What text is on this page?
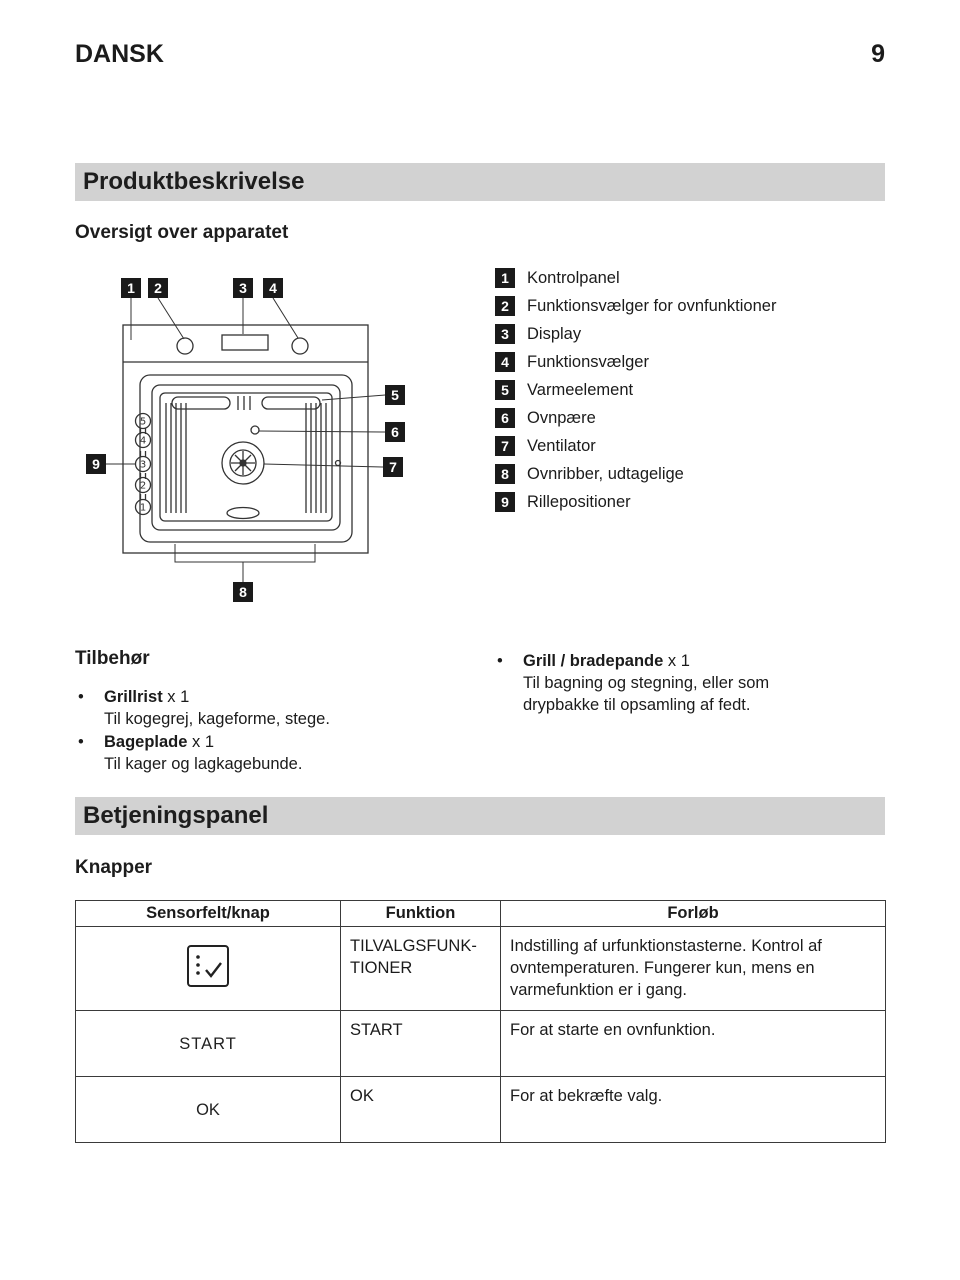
DANSK	9
Produktbeskrivelse
Oversigt over apparatet
5
4
3
2
1
1	2	3	4
5
6
7
9
8
1	Kontrolpanel
2	Funktionsvælger for ovnfunktioner
3	Display
4	Funktionsvælger
5	Varmeelement
6	Ovnpære
7	Ventilator
8	Ovnribber, udtagelige
9	Rillepositioner
Tilbehør
•	Grillrist x 1
Til kogegrej, kageforme, stege.
•	Bageplade x 1
Til kager og lagkagebunde.
•	Grill / bradepande x 1
Til bagning og stegning, eller som drypbakke til opsamling af fedt.
Betjeningspanel
Knapper
Sensorfelt/knap	Funktion	Forløb
	TILVALGSFUNK-TIONER	Indstilling af urfunktionstasterne. Kontrol af ovntemperaturen. Fungerer kun, mens en varmefunktion er i gang.
START	START	For at starte en ovnfunktion.
OK	OK	For at bekræfte valg.
